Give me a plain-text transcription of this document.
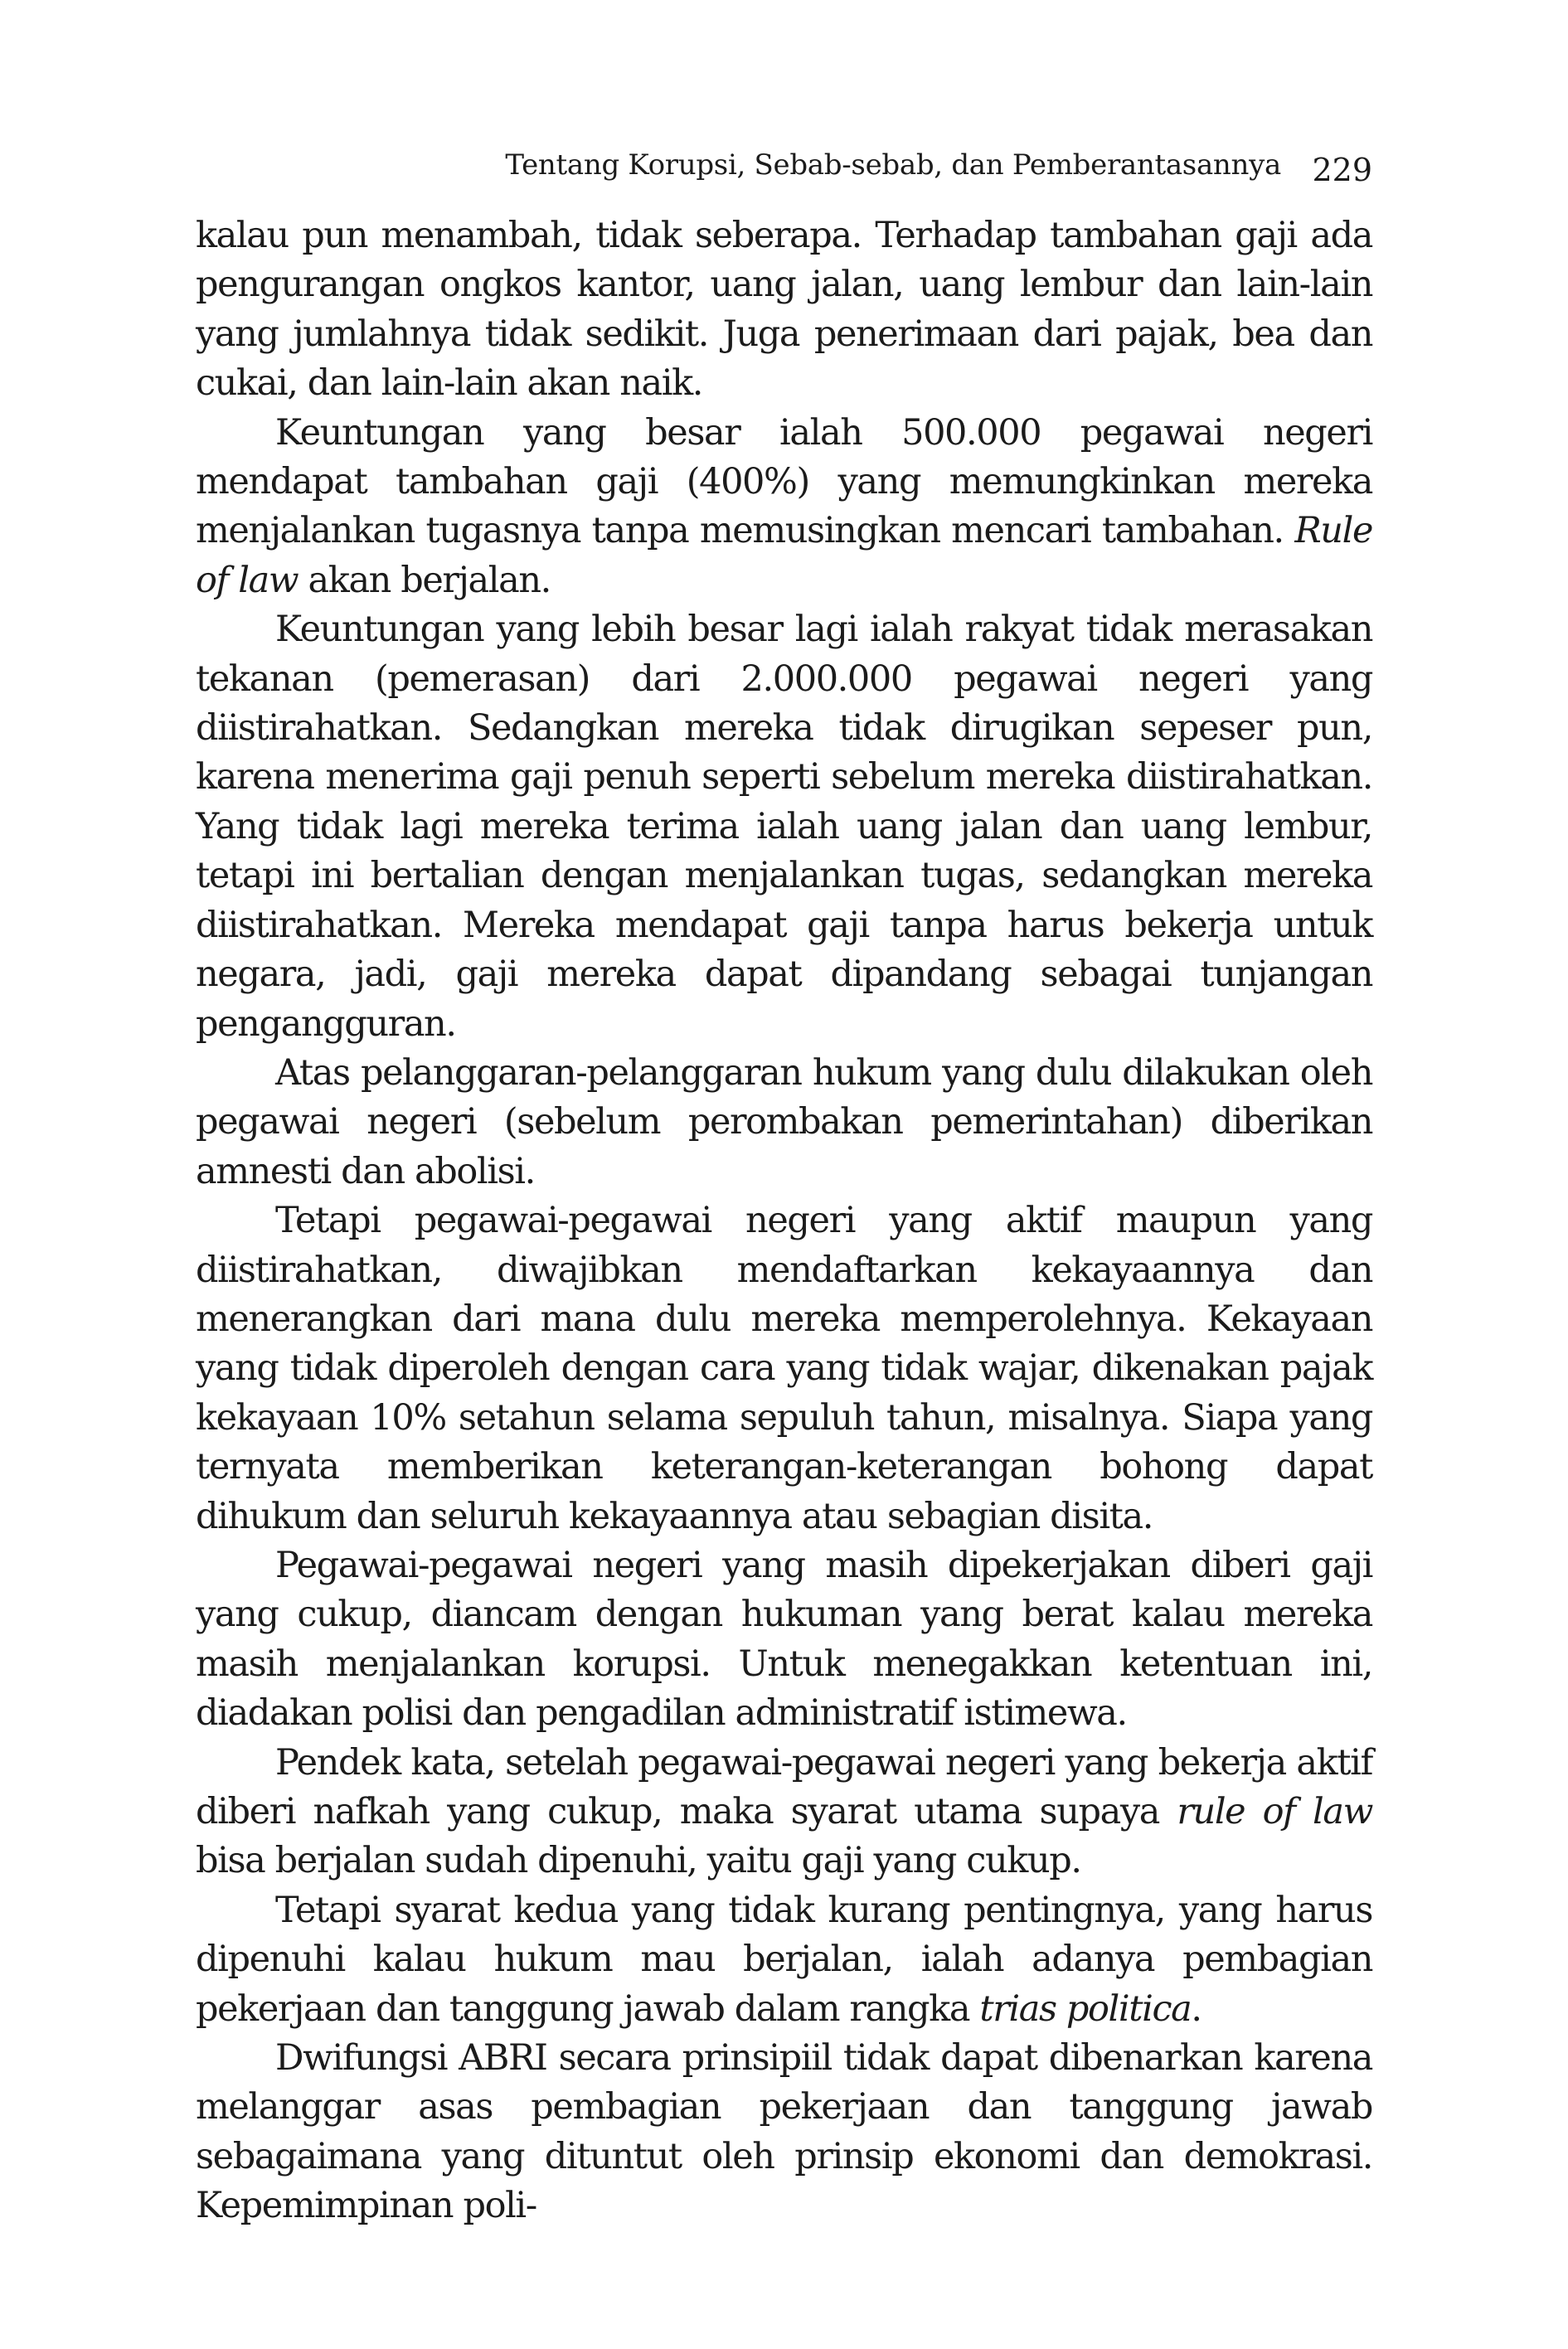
Tentang Korupsi, Sebab-sebab, dan Pemberantasannya 229

kalau pun menambah, tidak seberapa. Terhadap tambahan gaji ada pengurangan ongkos kantor, uang jalan, uang lembur dan lain-lain yang jumlahnya tidak sedikit. Juga penerimaan dari pajak, bea dan cukai, dan lain-lain akan naik.

Keuntungan yang besar ialah 500.000 pegawai negeri mendapat tambahan gaji (400%) yang memungkinkan mereka menjalankan tugasnya tanpa memusingkan mencari tambahan. Rule of law akan berjalan.

Keuntungan yang lebih besar lagi ialah rakyat tidak merasakan tekanan (pemerasan) dari 2.000.000 pegawai negeri yang diistirahatkan. Sedangkan mereka tidak dirugikan sepeser pun, karena menerima gaji penuh seperti sebelum mereka diistirahatkan. Yang tidak lagi mereka terima ialah uang jalan dan uang lembur, tetapi ini bertalian dengan menjalankan tugas, sedangkan mereka diistirahatkan. Mereka mendapat gaji tanpa harus bekerja untuk negara, jadi, gaji mereka dapat dipandang sebagai tunjangan pengangguran.

Atas pelanggaran-pelanggaran hukum yang dulu dilakukan oleh pegawai negeri (sebelum perombakan pemerintahan) diberikan amnesti dan abolisi.

Tetapi pegawai-pegawai negeri yang aktif maupun yang diistirahatkan, diwajibkan mendaftarkan kekayaannya dan menerangkan dari mana dulu mereka memperolehnya. Kekayaan yang tidak diperoleh dengan cara yang tidak wajar, dikenakan pajak kekayaan 10% setahun selama sepuluh tahun, misalnya. Siapa yang ternyata memberikan keterangan-keterangan bohong dapat dihukum dan seluruh kekayaannya atau sebagian disita.

Pegawai-pegawai negeri yang masih dipekerjakan diberi gaji yang cukup, diancam dengan hukuman yang berat kalau mereka masih menjalankan korupsi. Untuk menegakkan ketentuan ini, diadakan polisi dan pengadilan administratif istimewa.

Pendek kata, setelah pegawai-pegawai negeri yang bekerja aktif diberi nafkah yang cukup, maka syarat utama supaya rule of law bisa berjalan sudah dipenuhi, yaitu gaji yang cukup.

Tetapi syarat kedua yang tidak kurang pentingnya, yang harus dipenuhi kalau hukum mau berjalan, ialah adanya pembagian pekerjaan dan tanggung jawab dalam rangka trias politica.

Dwifungsi ABRI secara prinsipiil tidak dapat dibenarkan karena melanggar asas pembagian pekerjaan dan tanggung jawab sebagaimana yang dituntut oleh prinsip ekonomi dan demokrasi. Kepemimpinan poli-
